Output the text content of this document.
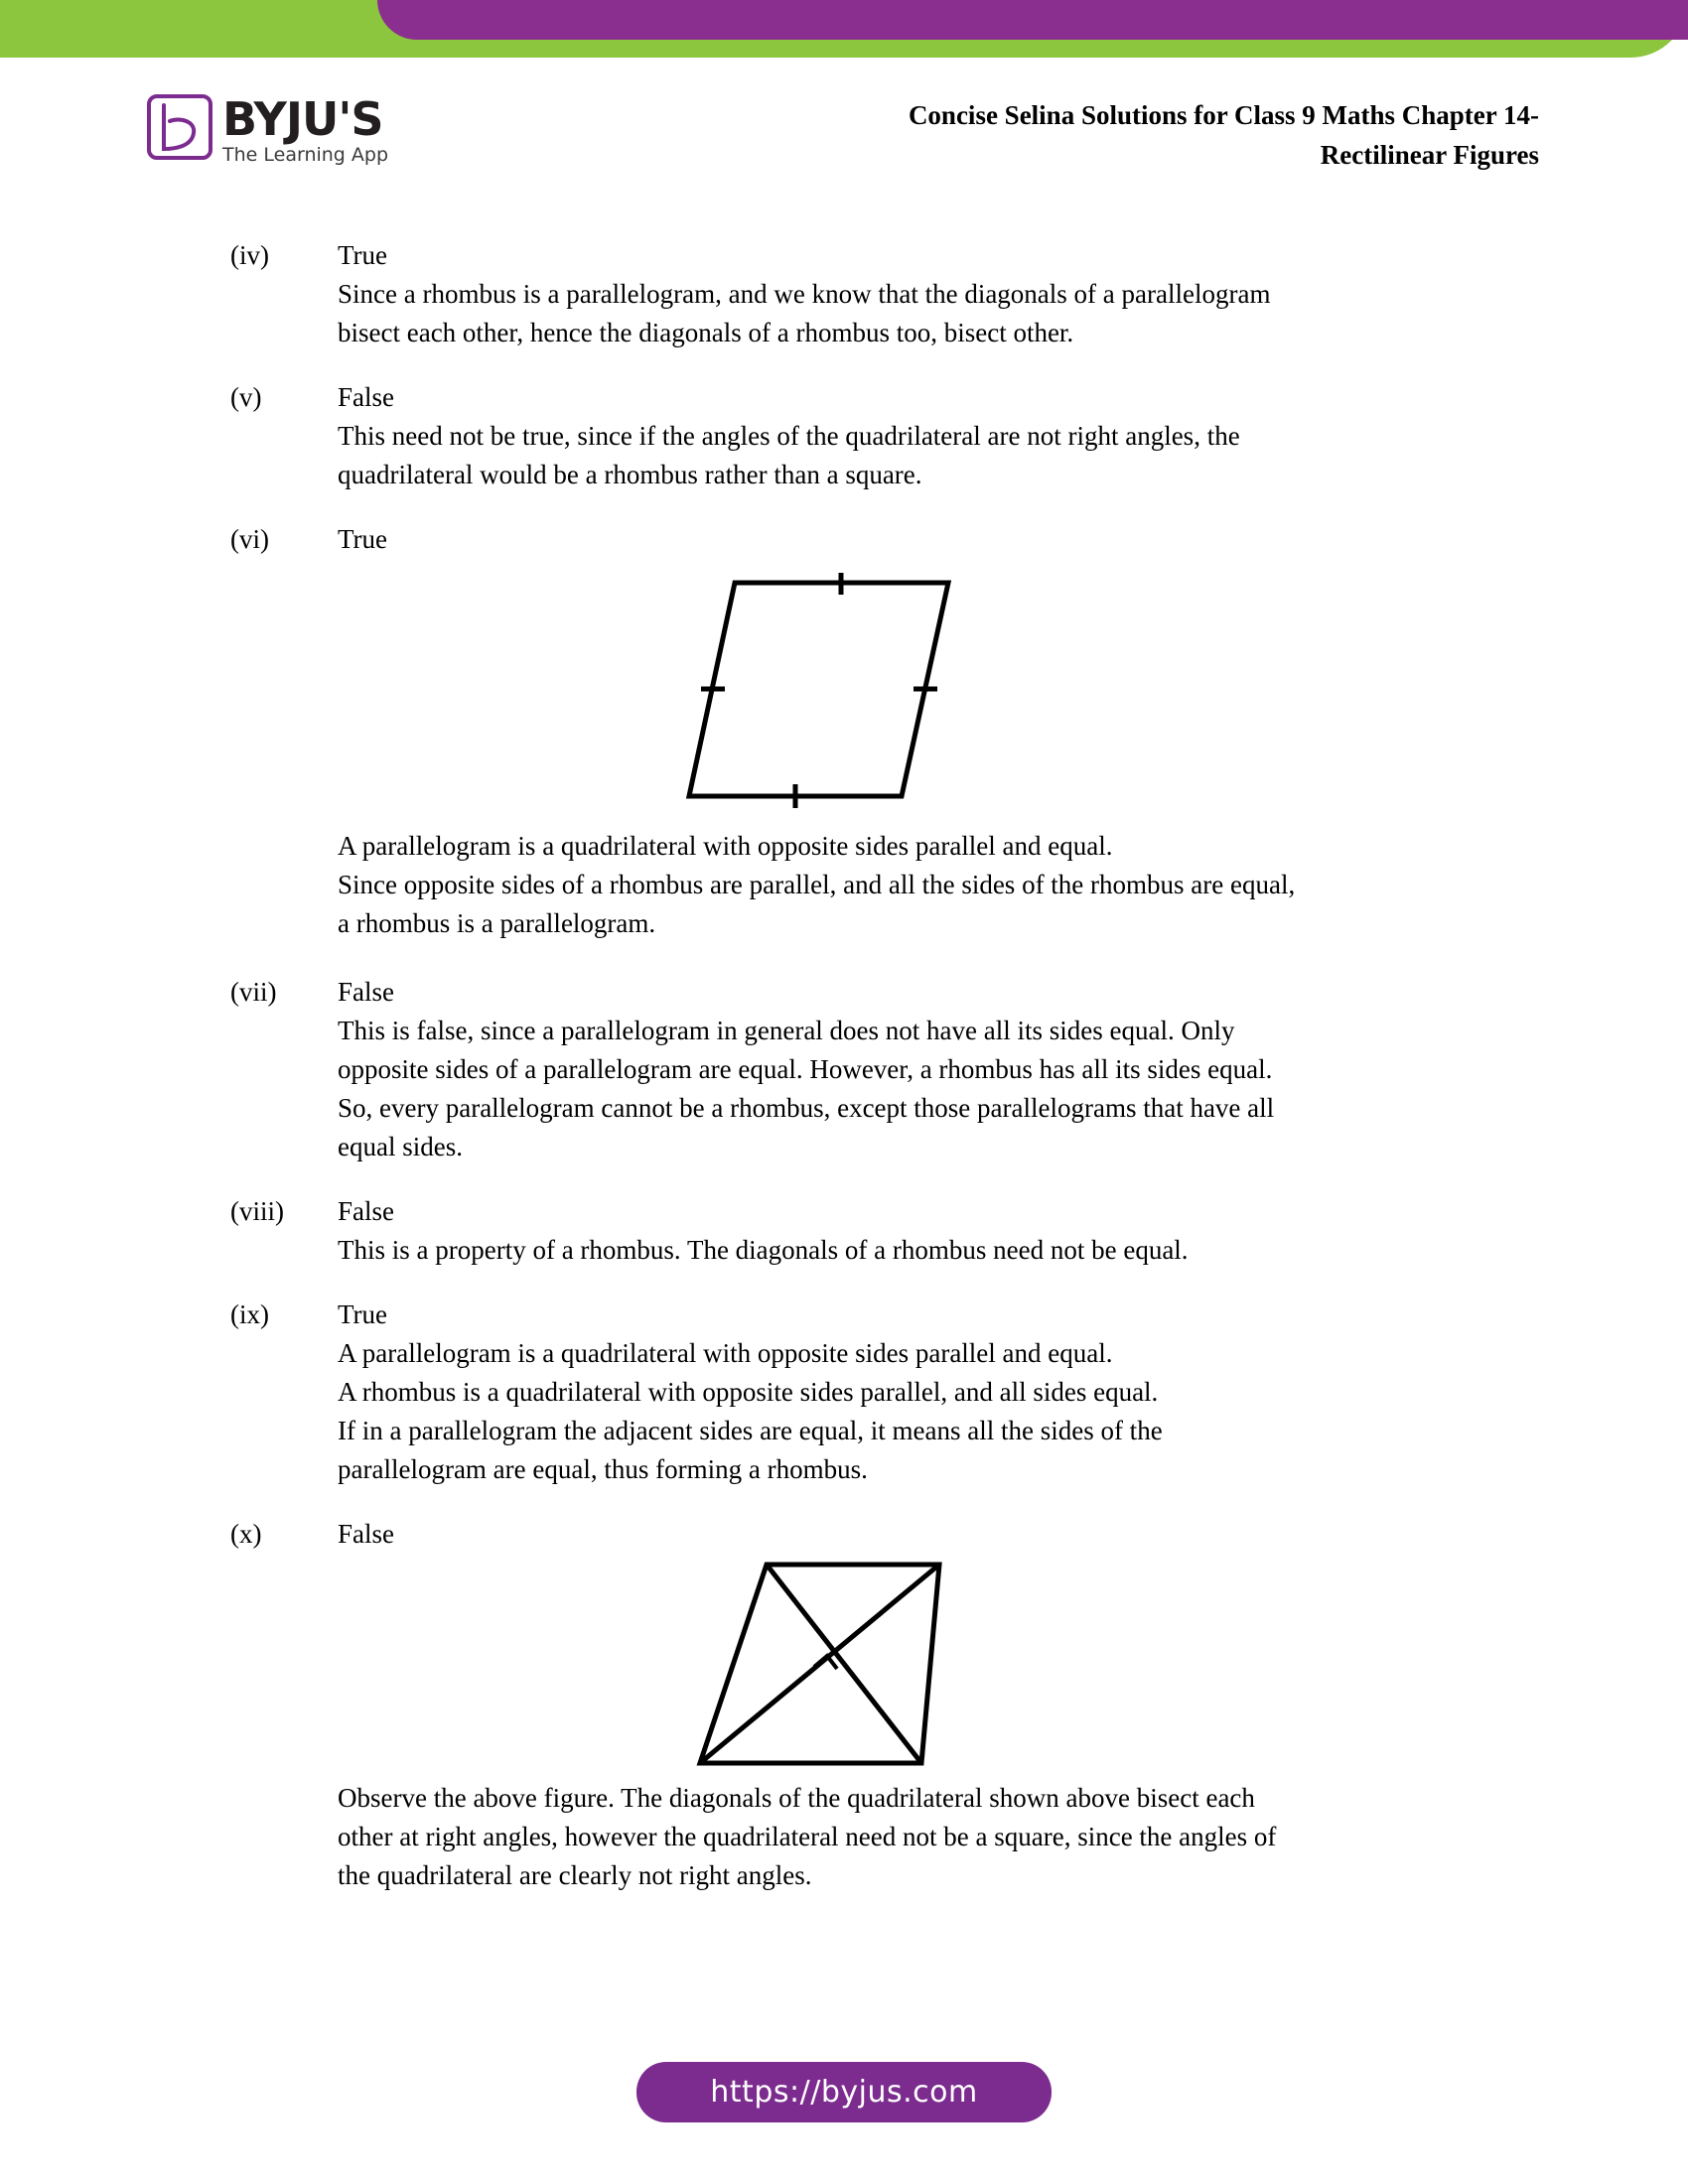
BYJU'S
The Learning App
Concise Selina Solutions for Class 9 Maths Chapter 14-
Rectilinear Figures
(iv)	True

Since a rhombus is a parallelogram, and we know that the diagonals of a parallelogram

bisect each other, hence the diagonals of a rhombus too, bisect other.

(v)	False

This need not be true, since if the angles of the quadrilateral are not right angles, the

quadrilateral would be a rhombus rather than a square.

(vi)	True

A parallelogram is a quadrilateral with opposite sides parallel and equal.

Since opposite sides of a rhombus are parallel, and all the sides of the rhombus are equal,

a rhombus is a parallelogram.

(vii)	False

This is false, since a parallelogram in general does not have all its sides equal. Only

opposite sides of a parallelogram are equal. However, a rhombus has all its sides equal.

So, every parallelogram cannot be a rhombus, except those parallelograms that have all

equal sides.

(viii)	False

This is a property of a rhombus. The diagonals of a rhombus need not be equal.

(ix)	True

A parallelogram is a quadrilateral with opposite sides parallel and equal.

A rhombus is a quadrilateral with opposite sides parallel, and all sides equal.

If in a parallelogram the adjacent sides are equal, it means all the sides of the

parallelogram are equal, thus forming a rhombus.

(x)	False

Observe the above figure. The diagonals of the quadrilateral shown above bisect each

other at right angles, however the quadrilateral need not be a square, since the angles of

the quadrilateral are clearly not right angles.

https://byjus.com
